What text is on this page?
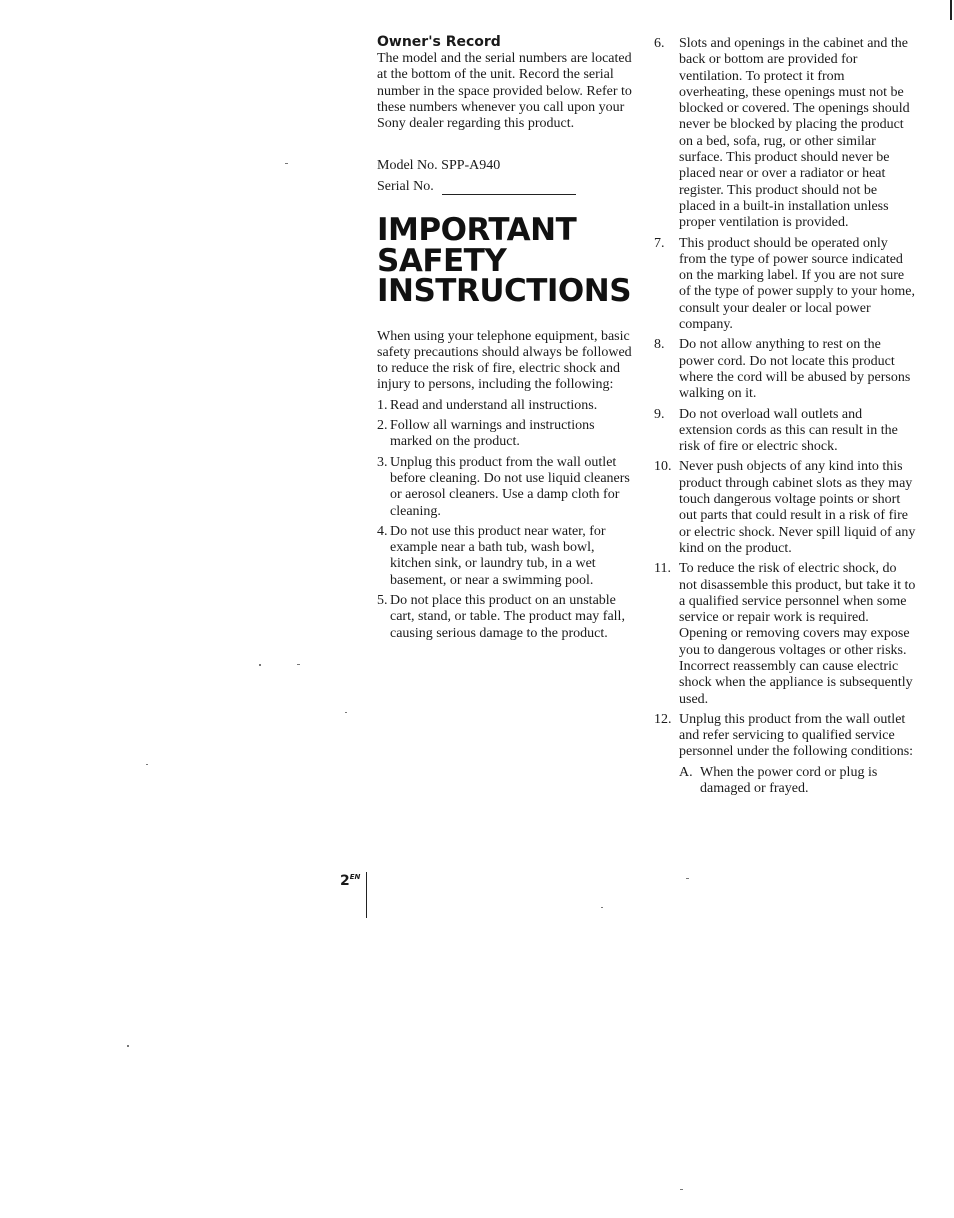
Owner's Record

The model and the serial numbers are located at the bottom of the unit. Record the serial number in the space provided below. Refer to these numbers whenever you call upon your Sony dealer regarding this product.

Model No. SPP-A940

Serial No.

IMPORTANT
SAFETY
INSTRUCTIONS

When using your telephone equipment, basic safety precautions should always be followed to reduce the risk of fire, electric shock and injury to persons, including the following:

1. Read and understand all instructions.
2. Follow all warnings and instructions marked on the product.
3. Unplug this product from the wall outlet before cleaning. Do not use liquid cleaners or aerosol cleaners. Use a damp cloth for cleaning.
4. Do not use this product near water, for example near a bath tub, wash bowl, kitchen sink, or laundry tub, in a wet basement, or near a swimming pool.
5. Do not place this product on an unstable cart, stand, or table. The product may fall, causing serious damage to the product.
6.	Slots and openings in the cabinet and the back or bottom are provided for ventilation. To protect it from overheating, these openings must not be blocked or covered. The openings should never be blocked by placing the product on a bed, sofa, rug, or other similar surface. This product should never be placed near or over a radiator or heat register. This product should not be placed in a built-in installation unless proper ventilation is provided.
7.	This product should be operated only from the type of power source indicated on the marking label. If you are not sure of the type of power supply to your home, consult your dealer or local power company.
8.	Do not allow anything to rest on the power cord. Do not locate this product where the cord will be abused by persons walking on it.
9.	Do not overload wall outlets and extension cords as this can result in the risk of fire or electric shock.
10. Never push objects of any kind into this product through cabinet slots as they may touch dangerous voltage points or short out parts that could result in a risk of fire or electric shock. Never spill liquid of any kind on the product.
11. To reduce the risk of electric shock, do not disassemble this product, but take it to a qualified service personnel when some service or repair work is required. Opening or removing covers may expose you to dangerous voltages or other risks. Incorrect reassembly can cause electric shock when the appliance is subsequently used.
12. Unplug this product from the wall outlet and refer servicing to qualified service personnel under the following conditions:
A. When the power cord or plug is damaged or frayed.
$2^{EN}$
